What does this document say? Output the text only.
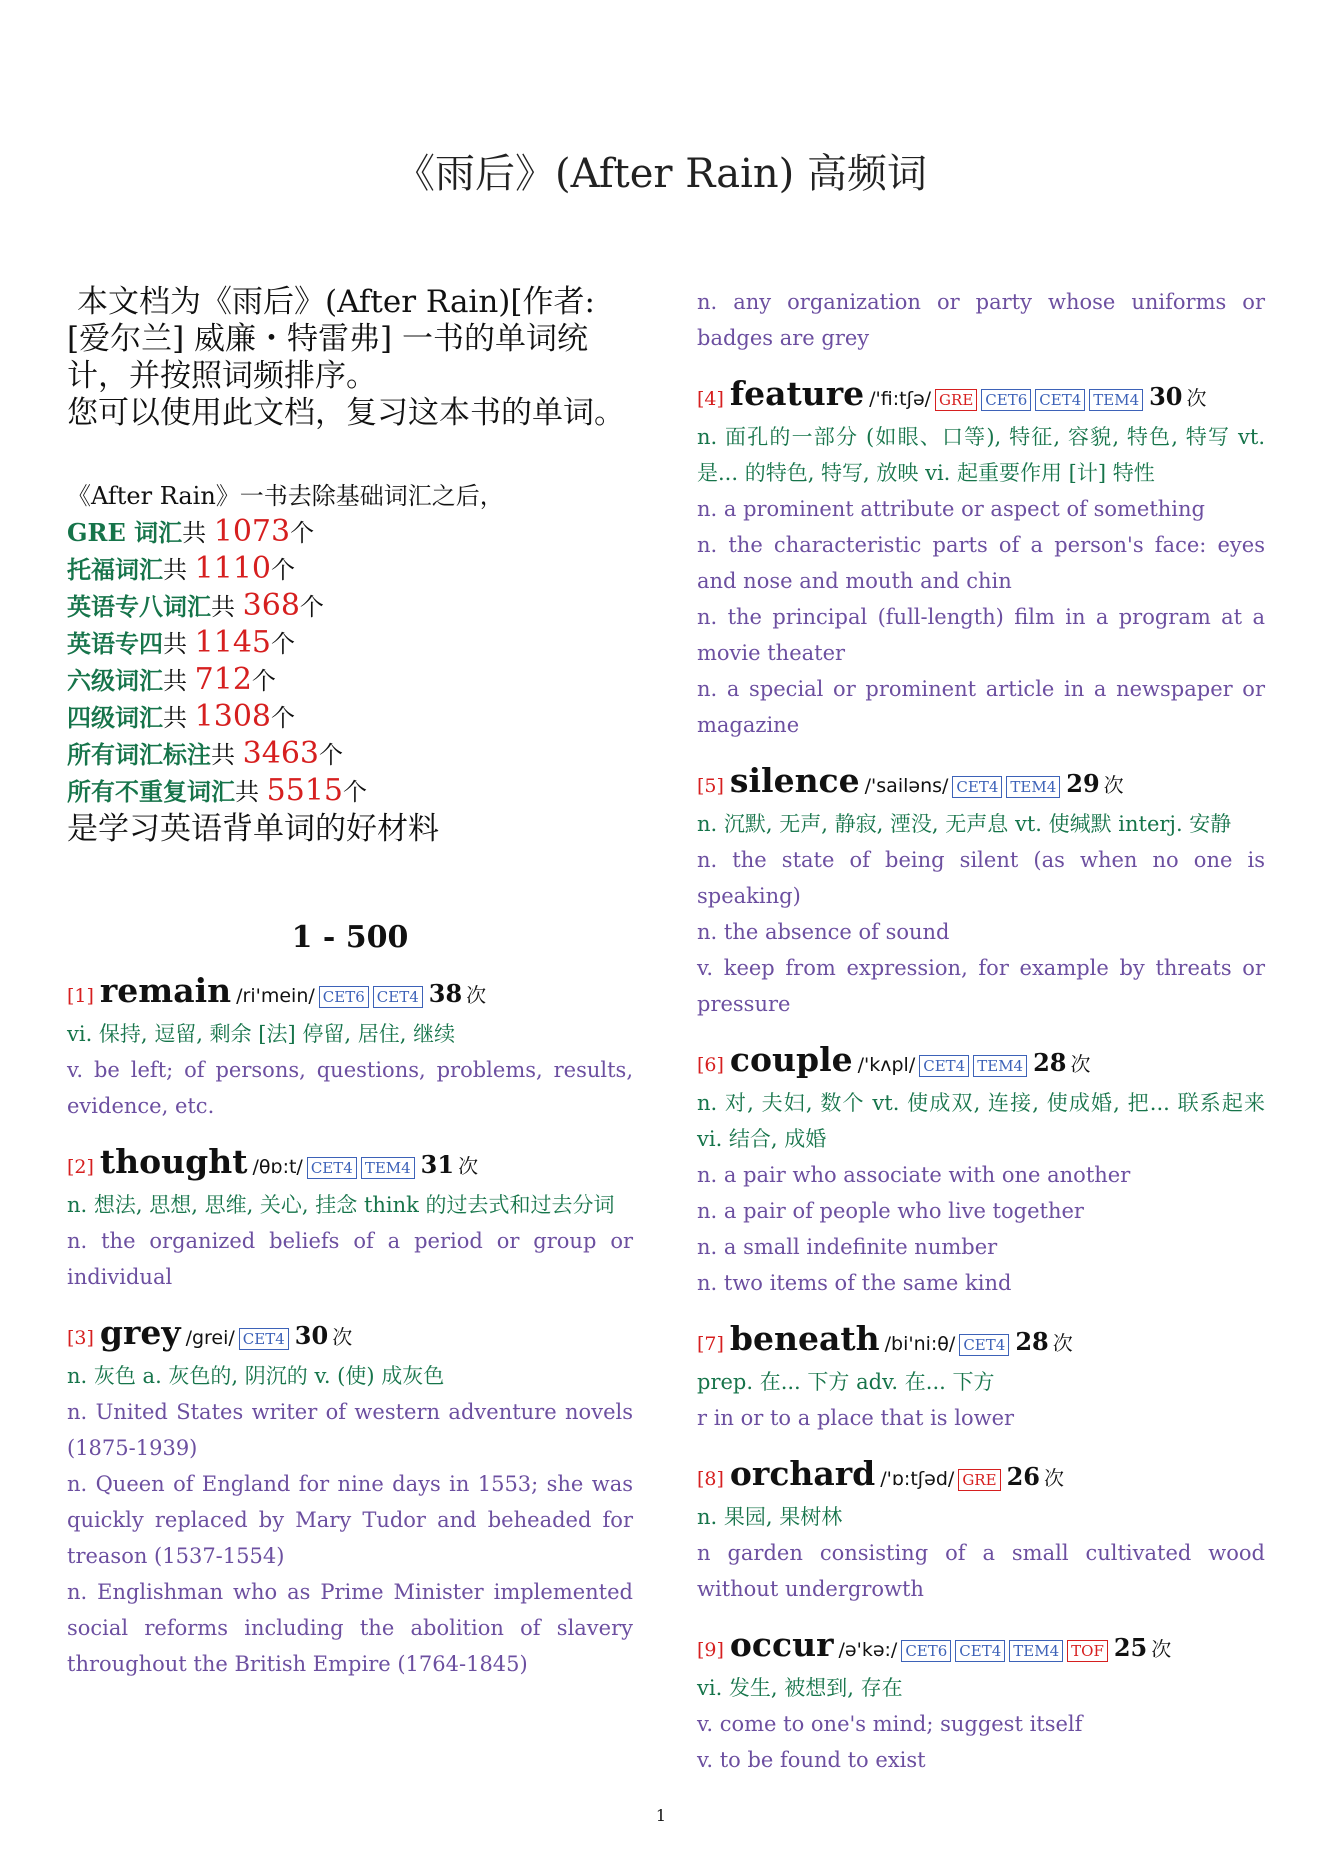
《雨后》(After Rain) 高频词

本文档为《雨后》(After Rain)[作者: [爱尔兰] 威廉・特雷弗] 一书的单词统计，并按照词频排序。

您可以使用此文档，复习这本书的单词。

《After Rain》一书去除基础词汇之后，
GRE 词汇共 1073个
托福词汇共 1110个
英语专八词汇共 368个
英语专四共 1145个
六级词汇共 712个
四级词汇共 1308个
所有词汇标注共 3463个
所有不重复词汇共 5515个
是学习英语背单词的好材料
1 - 500
[1] remain /ri'mein/ CET6 CET4 38 次
vi. 保持, 逗留, 剩余 [法] 停留, 居住, 继续
v. be left; of persons, questions, problems, results, evidence, etc.
[2] thought /θɒ:t/ CET4 TEM4 31 次
n. 想法, 思想, 思维, 关心, 挂念 think 的过去式和过去分词
n. the organized beliefs of a period or group or individual
[3] grey /grei/ CET4 30 次
n. 灰色 a. 灰色的, 阴沉的 v. (使) 成灰色
n. United States writer of western adventure novels (1875-1939)
n. Queen of England for nine days in 1553; she was quickly replaced by Mary Tudor and beheaded for treason (1537-1554)
n. Englishman who as Prime Minister implemented social reforms including the abolition of slavery throughout the British Empire (1764-1845)
n. any organization or party whose uniforms or badges are grey
[4] feature /'fi:tʃə/ GRE CET6 CET4 TEM4 30 次
n. 面孔的一部分 (如眼、口等), 特征, 容貌, 特色, 特写 vt. 是... 的特色, 特写, 放映 vi. 起重要作用 [计] 特性
n. a prominent attribute or aspect of something
n. the characteristic parts of a person's face: eyes and nose and mouth and chin
n. the principal (full-length) film in a program at a movie theater
n. a special or prominent article in a newspaper or magazine
[5] silence /'sailəns/ CET4 TEM4 29 次
n. 沉默, 无声, 静寂, 湮没, 无声息 vt. 使缄默 interj. 安静
n. the state of being silent (as when no one is speaking)
n. the absence of sound
v. keep from expression, for example by threats or pressure
[6] couple /'kʌpl/ CET4 TEM4 28 次
n. 对, 夫妇, 数个 vt. 使成双, 连接, 使成婚, 把... 联系起来 vi. 结合, 成婚
n. a pair who associate with one another
n. a pair of people who live together
n. a small indefinite number
n. two items of the same kind
[7] beneath /bi'ni:θ/ CET4 28 次
prep. 在... 下方 adv. 在... 下方
r in or to a place that is lower
[8] orchard /'ɒ:tʃəd/ GRE 26 次
n. 果园, 果树林
n garden consisting of a small cultivated wood without undergrowth
[9] occur /ə'kə:/ CET6 CET4 TEM4 TOF 25 次
vi. 发生, 被想到, 存在
v. come to one's mind; suggest itself
v. to be found to exist
1
